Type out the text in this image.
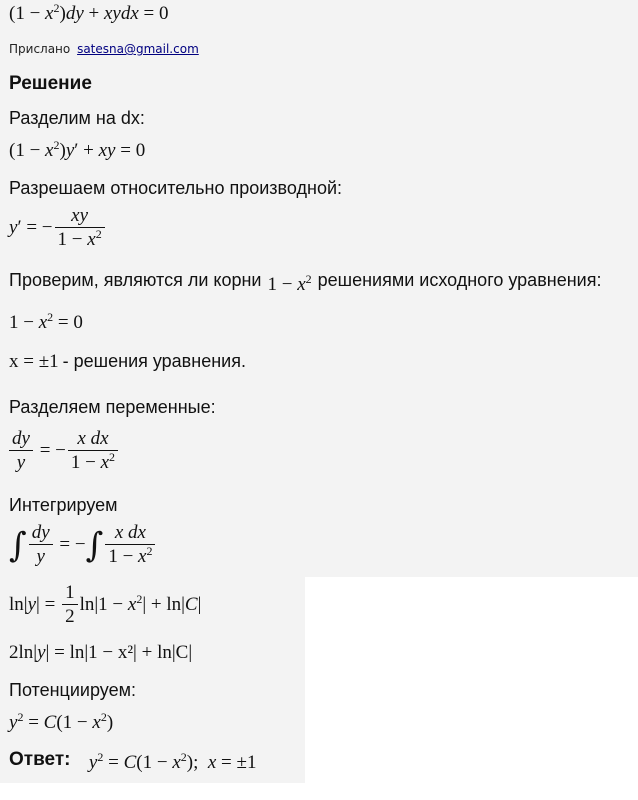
$(1 - x^2)dy$ + xydx = 0
Прислано satesna@gmail.com
Решение
Разделим на dx:
$(1 - x^2)y'$ + xy = 0
Разрешаем относительно производной:
y′ = − $\frac{xy}{1 - x^2}$
Проверим, являются ли корни $1 - x^2$ решениями исходного уравнения:
$1 - x^2 = 0$
x = ±1 - решения уравнения.
Разделяем переменные:
$\frac{dy}{y}$ = − $\frac{\text{x dx}}{1 - x^2}$
Интегрируем
∫ $\frac{dy}{y}$ = −∫ $\frac{\text{x dx}}{1 - x^2}$
$\ln|y| = \frac{1}{2} \ln|1 - x^2| + \ln|C|$
2ln|y| = ln|1 − x²| + ln|C|
Потенциируем:
$y^2 = C(1 - x^2)$
Ответ: $y^2 = C(1 - x^2)$;  x = ±1
